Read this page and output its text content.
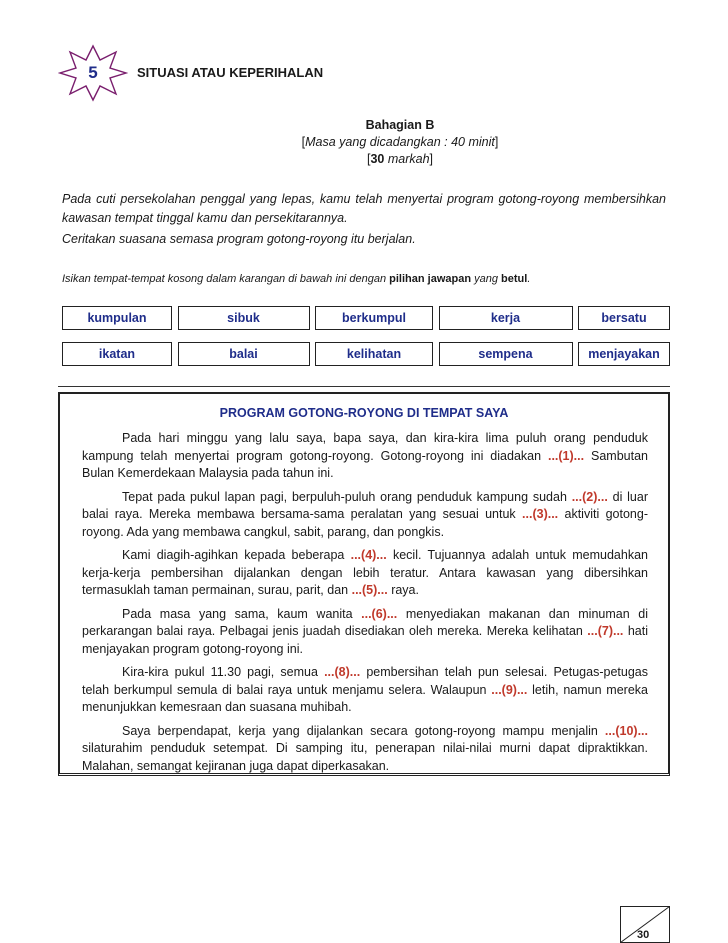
5	SITUASI ATAU KEPERIHALAN
Bahagian B
[Masa yang dicadangkan : 40 minit]
[30 markah]

Pada cuti persekolahan penggal yang lepas, kamu telah menyertai program gotong-royong membersihkan kawasan tempat tinggal kamu dan persekitarannya.

Ceritakan suasana semasa program gotong-royong itu berjalan.

Isikan tempat-tempat kosong dalam karangan di bawah ini dengan pilihan jawapan yang betul.
kumpulan	sibuk	berkumpul	kerja	bersatu
ikatan	balai	kelihatan	sempena	menjayakan
PROGRAM GOTONG-ROYONG DI TEMPAT SAYA

Pada hari minggu yang lalu saya, bapa saya, dan kira-kira lima puluh orang penduduk kampung telah menyertai program gotong-royong. Gotong-royong ini diadakan ...(1)... Sambutan Bulan Kemerdekaan Malaysia pada tahun ini.

Tepat pada pukul lapan pagi, berpuluh-puluh orang penduduk kampung sudah ...(2)... di luar balai raya. Mereka membawa bersama-sama peralatan yang sesuai untuk ...(3)... aktiviti gotong-royong. Ada yang membawa cangkul, sabit, parang, dan pongkis.

Kami diagih-agihkan kepada beberapa ...(4)... kecil. Tujuannya adalah untuk memudahkan kerja-kerja pembersihan dijalankan dengan lebih teratur. Antara kawasan yang dibersihkan termasuklah taman permainan, surau, parit, dan ...(5)... raya.

Pada masa yang sama, kaum wanita ...(6)... menyediakan makanan dan minuman di perkarangan balai raya. Pelbagai jenis juadah disediakan oleh mereka. Mereka kelihatan ...(7)... hati menjayakan program gotong-royong ini.

Kira-kira pukul 11.30 pagi, semua ...(8)... pembersihan telah pun selesai. Petugas-petugas telah berkumpul semula di balai raya untuk menjamu selera. Walaupun ...(9)... letih, namun mereka menunjukkan kemesraan dan suasana muhibah.

Saya berpendapat, kerja yang dijalankan secara gotong-royong mampu menjalin ...(10)... silaturahim penduduk setempat. Di samping itu, penerapan nilai-nilai murni dapat dipraktikkan. Malahan, semangat kejiranan juga dapat diperkasakan.

30
